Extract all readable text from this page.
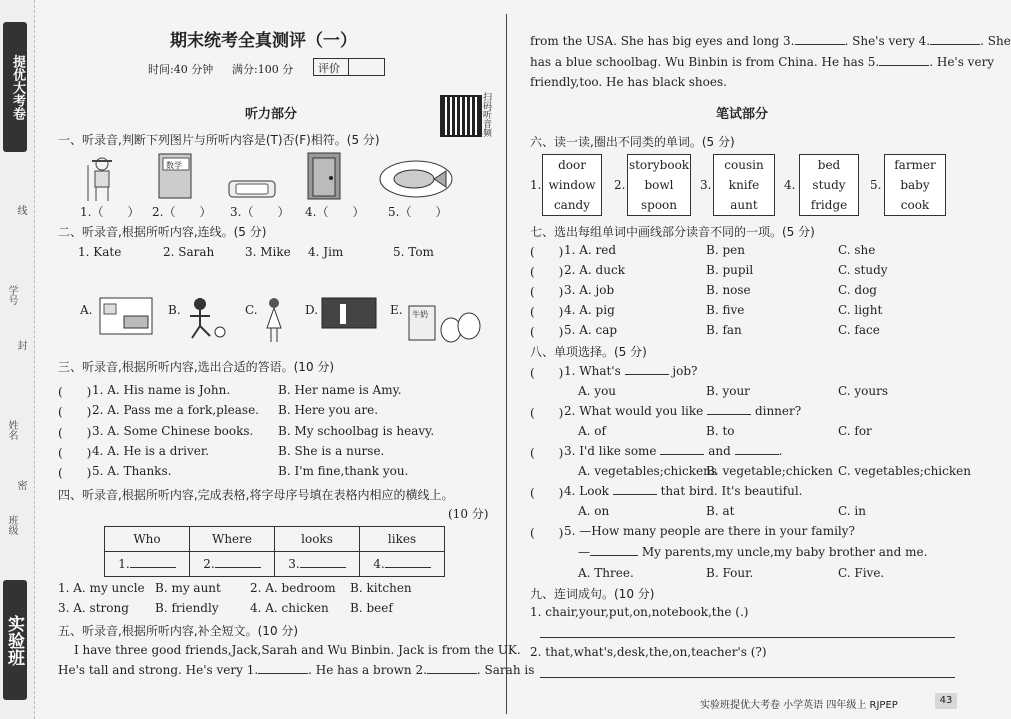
提优大考卷
实验班
线
学号
封
姓名
密
班级
期末统考全真测评（一）
时间:40 分钟 满分:100 分 评价
扫码听音频
听力部分
一、听录音,判断下列图片与所听内容是(T)否(F)相符。(5 分)
数学
1.（　　） 2.（　　） 3.（　　） 4.（　　） 5.（　　）
二、听录音,根据所听内容,连线。(5 分)
1. Kate	2. Sarah	3. Mike 4. Jim	5. Tom
A.	B.	C.	D.	E. 牛奶
三、听录音,根据所听内容,选出合适的答语。(10 分)
(　　) 1. A. His name is John.	B. Her name is Amy.
(　　) 2. A. Pass me a fork,please. B. Here you are.
(　　) 3. A. Some Chinese books. B. My schoolbag is heavy.
(　　) 4. A. He is a driver.	B. She is a nurse.
(　　) 5. A. Thanks.	B. I'm fine,thank you.
四、听录音,根据所听内容,完成表格,将字母序号填在表格内相应的横线上。
(10 分)
Who	Where	looks	likes
1.	2.	3.	4.
1. A. my uncle B. my aunt 2. A. bedroom B. kitchen
3. A. strong B. friendly	4. A. chicken B. beef
五、听录音,根据所听内容,补全短文。(10 分)
I have three good friends,Jack,Sarah and Wu Binbin. Jack is from the UK.
He's tall and strong. He's very 1.	. He has a brown 2.	. Sarah is
from the USA. She has big eyes and long 3.	. She's very 4.	. She
has a blue schoolbag. Wu Binbin is from China. He has 5.	. He's very
friendly,too. He has black shoes.
笔试部分
六、读一读,圈出不同类的单词。(5 分)
1.
door
window
candy
2.
storybook
bowl
spoon
3.
cousin
knife
aunt
4.
bed
study
fridge
5.
farmer
baby
cook
七、选出每组单词中画线部分读音不同的一项。(5 分)
(　　) 1. A. red	B. pen	C. she
(　　) 2. A. duck	B. pupil	C. study
(　　) 3. A. job	B. nose	C. dog
(　　) 4. A. pig	B. five	C. light
(　　) 5. A. cap	B. fan	C. face
八、单项选择。(5 分)
(　　) 1. What's	job?
A. you	B. your	C. yours
(　　) 2. What would you like	dinner?
A. of	B. to	C. for
(　　) 3. I'd like some	and	.
A. vegetables;chickens
B. vegetable;chicken C. vegetables;chicken
(　　) 4. Look	that bird. It's beautiful.
A. on	B. at	C. in
(　　) 5. —How many people are there in your family?
—	My parents,my uncle,my baby brother and me.
A. Three.	B. Four.	C. Five.
九、连词成句。(10 分)
1. chair,your,put,on,notebook,the (.)
2. that,what's,desk,the,on,teacher's (?)
实验班提优大考卷 小学英语 四年级上 RJPEP	43
